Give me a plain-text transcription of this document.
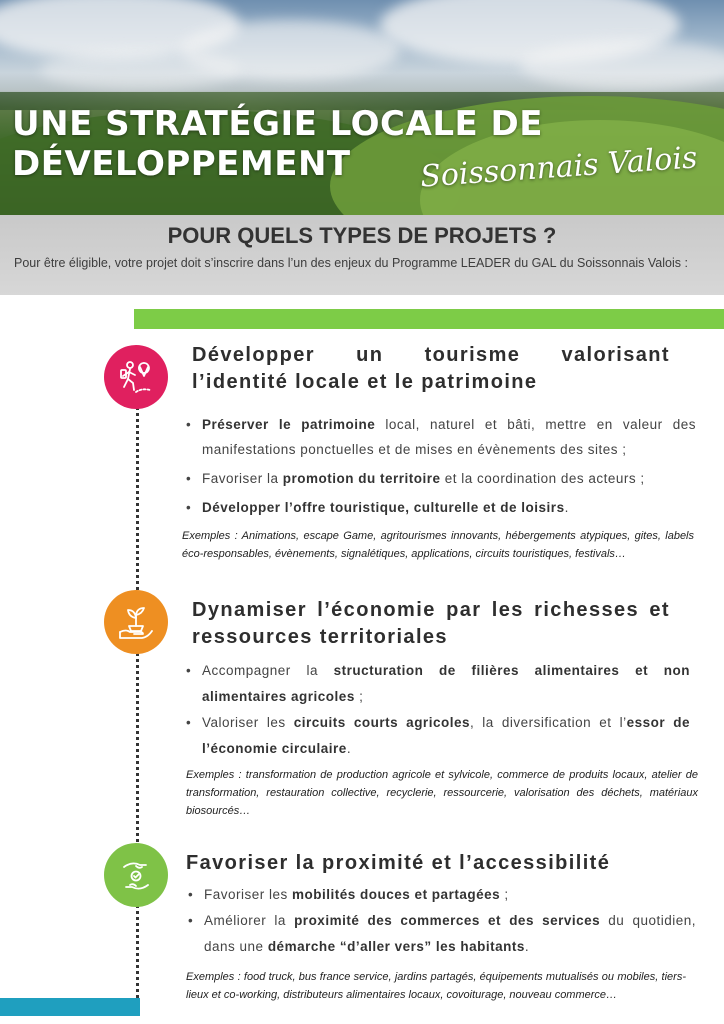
UNE STRATÉGIE LOCALE DE
DÉVELOPPEMENT	Soissonnais Valois
POUR QUELS TYPES DE PROJETS ?
Pour être éligible, votre projet doit s’inscrire dans l’un des enjeux du Programme LEADER du GAL du Soissonnais Valois :
Développer un tourisme valorisant l’identité locale et le patrimoine
• Préserver le patrimoine local, naturel et bâti, mettre en valeur des manifestations ponctuelles et de mises en évènements des sites ;
• Favoriser la promotion du territoire et la coordination des acteurs ;
• Développer l’offre touristique, culturelle et de loisirs.
Exemples : Animations, escape Game, agritourismes innovants, hébergements atypiques, gites, labels éco-responsables, évènements, signalétiques, applications, circuits touristiques, festivals…
Dynamiser l’économie par les richesses et ressources territoriales
• Accompagner la structuration de filières alimentaires et non alimentaires agricoles ;
• Valoriser les circuits courts agricoles, la diversification et l’essor de l’économie circulaire.
Exemples : transformation de production agricole et sylvicole, commerce de produits locaux, atelier de transformation, restauration collective, recyclerie, ressourcerie, valorisation des déchets, matériaux biosourcés…
Favoriser la proximité et l’accessibilité
• Favoriser les mobilités douces et partagées ;
• Améliorer la proximité des commerces et des services du quotidien, dans une démarche “d’aller vers” les habitants.
Exemples : food truck, bus france service, jardins partagés, équipements mutualisés ou mobiles, tiers-lieux et co-working, distributeurs alimentaires locaux, covoiturage, nouveau commerce…
